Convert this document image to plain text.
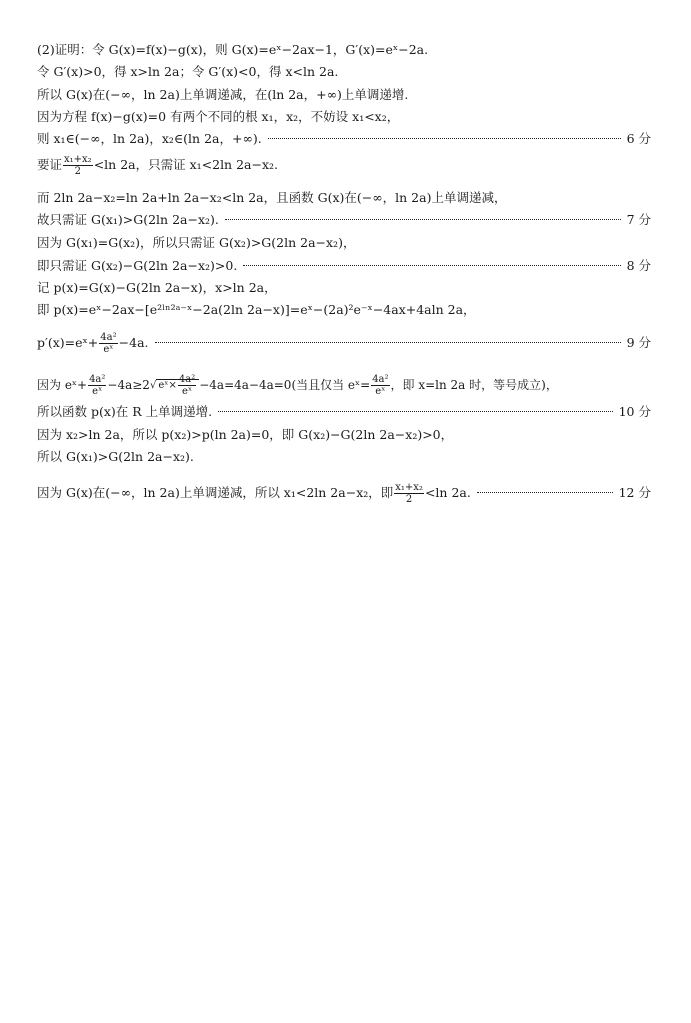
(2)证明：令 G(x)=f(x)−g(x)，则 G(x)=eˣ−2ax−1，G′(x)=eˣ−2a.
令 G′(x)>0，得 x>ln 2a；令 G′(x)<0，得 x<ln 2a.
所以 G(x)在(−∞，ln 2a)上单调递减，在(ln 2a，+∞)上单调递增.
因为方程 f(x)−g(x)=0 有两个不同的根 x₁，x₂，不妨设 x₁<x₂，
则 x₁∈(−∞，ln 2a)，x₂∈(ln 2a，+∞).	6 分
要证 $\frac{\text{x₁+x₂}}{2} <\ln$ 2a，只需证 x₁<2ln 2a−x₂.
而 2ln 2a−x₂=ln 2a+ln 2a−x₂<ln 2a，且函数 G(x)在(−∞，ln 2a)上单调递减，
故只需证 G(x₁)>G(2ln 2a−x₂).	7 分
因为 G(x₁)=G(x₂)，所以只需证 G(x₂)>G(2ln 2a−x₂)，
即只需证 G(x₂)−G(2ln 2a−x₂)>0.	8 分
记 p(x)=G(x)−G(2ln 2a−x)，x>ln 2a，
即 p(x)=eˣ−2ax−[e²ˡⁿ²ᵃ⁻ˣ−2a(2ln 2a−x)]=eˣ−(2a)²e⁻ˣ−4ax+4aln 2a，
p′(x)=eˣ+ $\frac{\text{4a²}}{\text{eˣ}} -4a$.	9 分
因为 eˣ+ $\frac{\text{4a²}}{\text{eˣ}} -4a\ge 2√$ eˣ× $\frac{\text{4a²}}{\text{eˣ}} -4a=4a-4a=0$(当且仅当 eˣ= $\frac{\text{4a²}}{\text{eˣ}}$ ，即 x=ln 2a 时，等号成立)，
所以函数 p(x)在 R 上单调递增.	10 分
因为 x₂>ln 2a，所以 p(x₂)>p(ln 2a)=0，即 G(x₂)−G(2ln 2a−x₂)>0，
所以 G(x₁)>G(2ln 2a−x₂).
因为 G(x)在(−∞，ln 2a)上单调递减，所以 x₁<2ln 2a−x₂，即 $\frac{\text{x₁+x₂}}{2} <\ln$ 2a.	12 分
